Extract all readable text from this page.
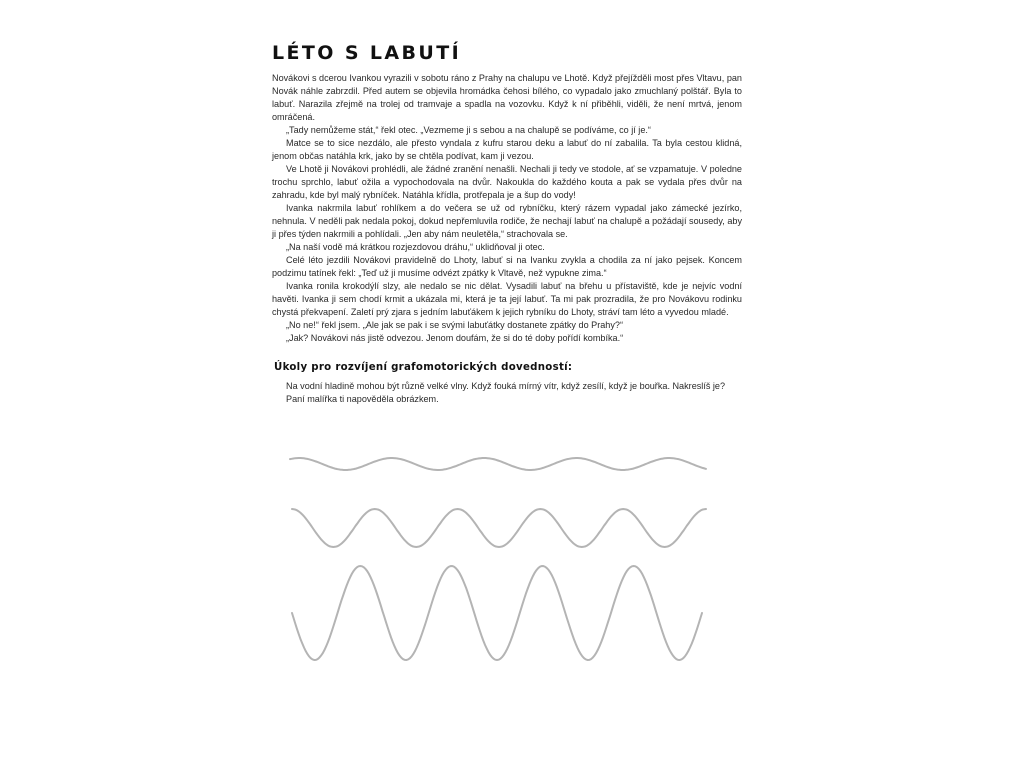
LÉTO S LABUTÍ

Novákovi s dcerou Ivankou vyrazili v sobotu ráno z Prahy na chalupu ve Lhotě. Když přejížděli most přes Vltavu, pan Novák náhle zabrzdil. Před autem se objevila hromádka čehosi bílého, co vypadalo jako zmuchlaný polštář. Byla to labuť. Narazila zřejmě na trolej od tramvaje a spadla na vozovku. Když k ní přiběhli, viděli, že není mrtvá, jenom omráčená.

„Tady nemůžeme stát,“ řekl otec. „Vezmeme ji s sebou a na chalupě se podíváme, co jí je.“

Matce se to sice nezdálo, ale přesto vyndala z kufru starou deku a labuť do ní zabalila. Ta byla cestou klidná, jenom občas natáhla krk, jako by se chtěla podívat, kam ji vezou.

Ve Lhotě ji Novákovi prohlédli, ale žádné zranění nenašli. Nechali ji tedy ve stodole, ať se vzpamatuje. V poledne trochu sprchlo, labuť ožila a vypochodovala na dvůr. Nakoukla do každého kouta a pak se vydala přes dvůr na zahradu, kde byl malý rybníček. Natáhla křídla, protřepala je a šup do vody!

Ivanka nakrmila labuť rohlíkem a do večera se už od rybníčku, který rázem vypadal jako zámecké jezírko, nehnula. V neděli pak nedala pokoj, dokud nepřemluvila rodiče, že nechají labuť na chalupě a požádají sousedy, aby ji přes týden nakrmili a pohlídali. „Jen aby nám neuletěla,“ strachovala se.

„Na naší vodě má krátkou rozjezdovou dráhu,“ uklidňoval ji otec.

Celé léto jezdili Novákovi pravidelně do Lhoty, labuť si na Ivanku zvykla a chodila za ní jako pejsek. Koncem podzimu tatínek řekl: „Teď už ji musíme odvézt zpátky k Vltavě, než vypukne zima.“

Ivanka ronila krokodýlí slzy, ale nedalo se nic dělat. Vysadili labuť na břehu u přístaviště, kde je nejvíc vodní havěti. Ivanka ji sem chodí krmit a ukázala mi, která je ta její labuť. Ta mi pak prozradila, že pro Novákovu rodinku chystá překvapení. Zaletí prý zjara s jedním labuťákem k jejich rybníku do Lhoty, stráví tam léto a vyvedou mladé.

„No ne!“ řekl jsem. „Ale jak se pak i se svými labuťátky dostanete zpátky do Prahy?“

„Jak? Novákovi nás jistě odvezou. Jenom doufám, že si do té doby pořídí kombíka.“

Úkoly pro rozvíjení grafomotorických dovedností:

Na vodní hladině mohou být různě velké vlny. Když fouká mírný vítr, když zesílí, když je bouřka. Nakreslíš je?

Paní malířka ti napověděla obrázkem.
